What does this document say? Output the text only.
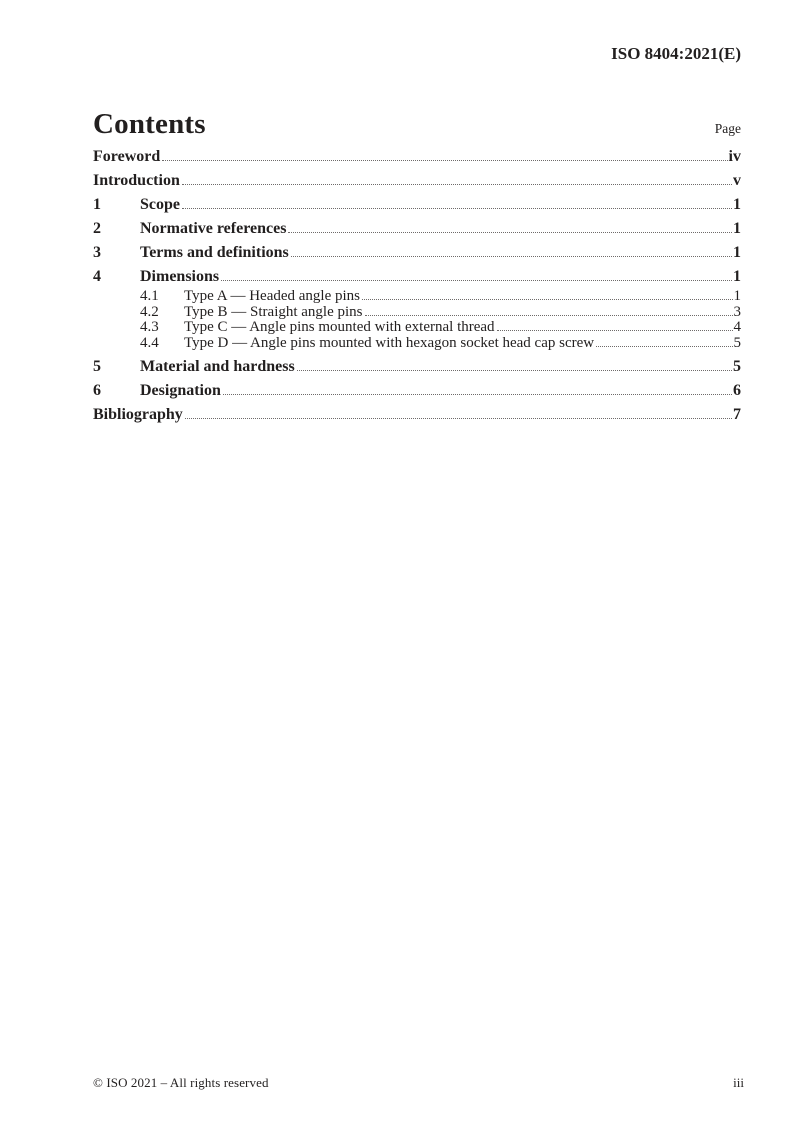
ISO 8404:2021(E)
Contents	Page
Foreword	iv
Introduction	v
1	Scope	1
2	Normative references	1
3	Terms and definitions	1
4	Dimensions	1
4.1	Type A — Headed angle pins	1
4.2	Type B — Straight angle pins	3
4.3	Type C — Angle pins mounted with external thread	4
4.4	Type D — Angle pins mounted with hexagon socket head cap screw	5
5	Material and hardness	5
6	Designation	6
Bibliography	7
© ISO 2021 – All rights reserved	iii
